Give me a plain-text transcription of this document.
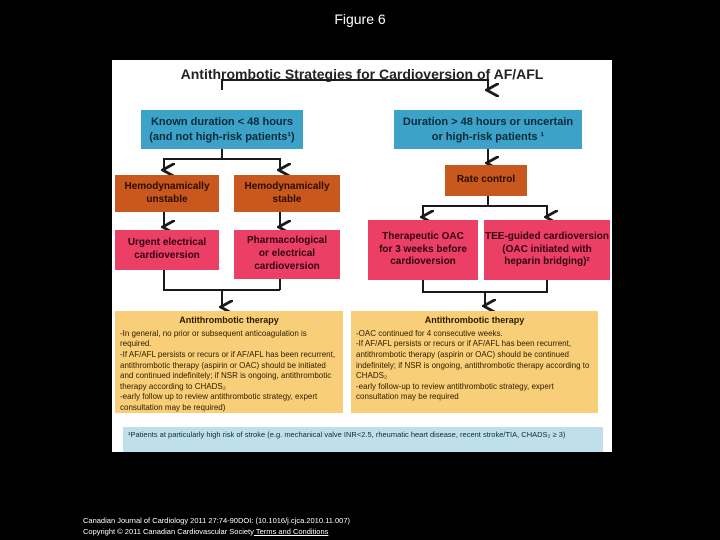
Figure 6
Antithrombotic Strategies for Cardioversion of AF/AFL
Known duration < 48 hours
(and not high-risk patients¹)
Duration > 48 hours or uncertain
or high-risk patients ¹
Hemodynamically
unstable
Hemodynamically
stable
Urgent electrical
cardioversion
Pharmacological
or electrical
cardioversion
Rate control
Therapeutic OAC
for 3 weeks before
cardioversion
TEE-guided cardioversion
(OAC initiated with
heparin bridging)²
Antithrombotic therapy
-In general, no prior or subsequent anticoagulation is required.
-If AF/AFL persists or recurs or if AF/AFL has been recurrent, antithrombotic therapy (aspirin or OAC) should be initiated and continued indefinitely; if NSR is ongoing, antithrombotic therapy according to CHADS₂
-early follow up to review antithrombotic strategy, expert consultation may be required)
Antithrombotic therapy
-OAC continued for 4 consecutive weeks.
-If AF/AFL persists or recurs or if AF/AFL has been recurrent, antithrombotic therapy (aspirin or OAC) should be continued indefinitely; if NSR is ongoing, antithrombotic therapy according to CHADS₂
-early follow-up to review antithrombotic strategy, expert consultation may be required
¹Patients at particularly high risk of stroke (e.g. mechanical valve INR<2.5, rheumatic heart disease, recent stroke/TIA, CHADS₂ ≥ 3)
Canadian Journal of Cardiology 2011 27:74-90DOI: (10.1016/j.cjca.2010.11.007)
Copyright © 2011 Canadian Cardiovascular Society Terms and Conditions
